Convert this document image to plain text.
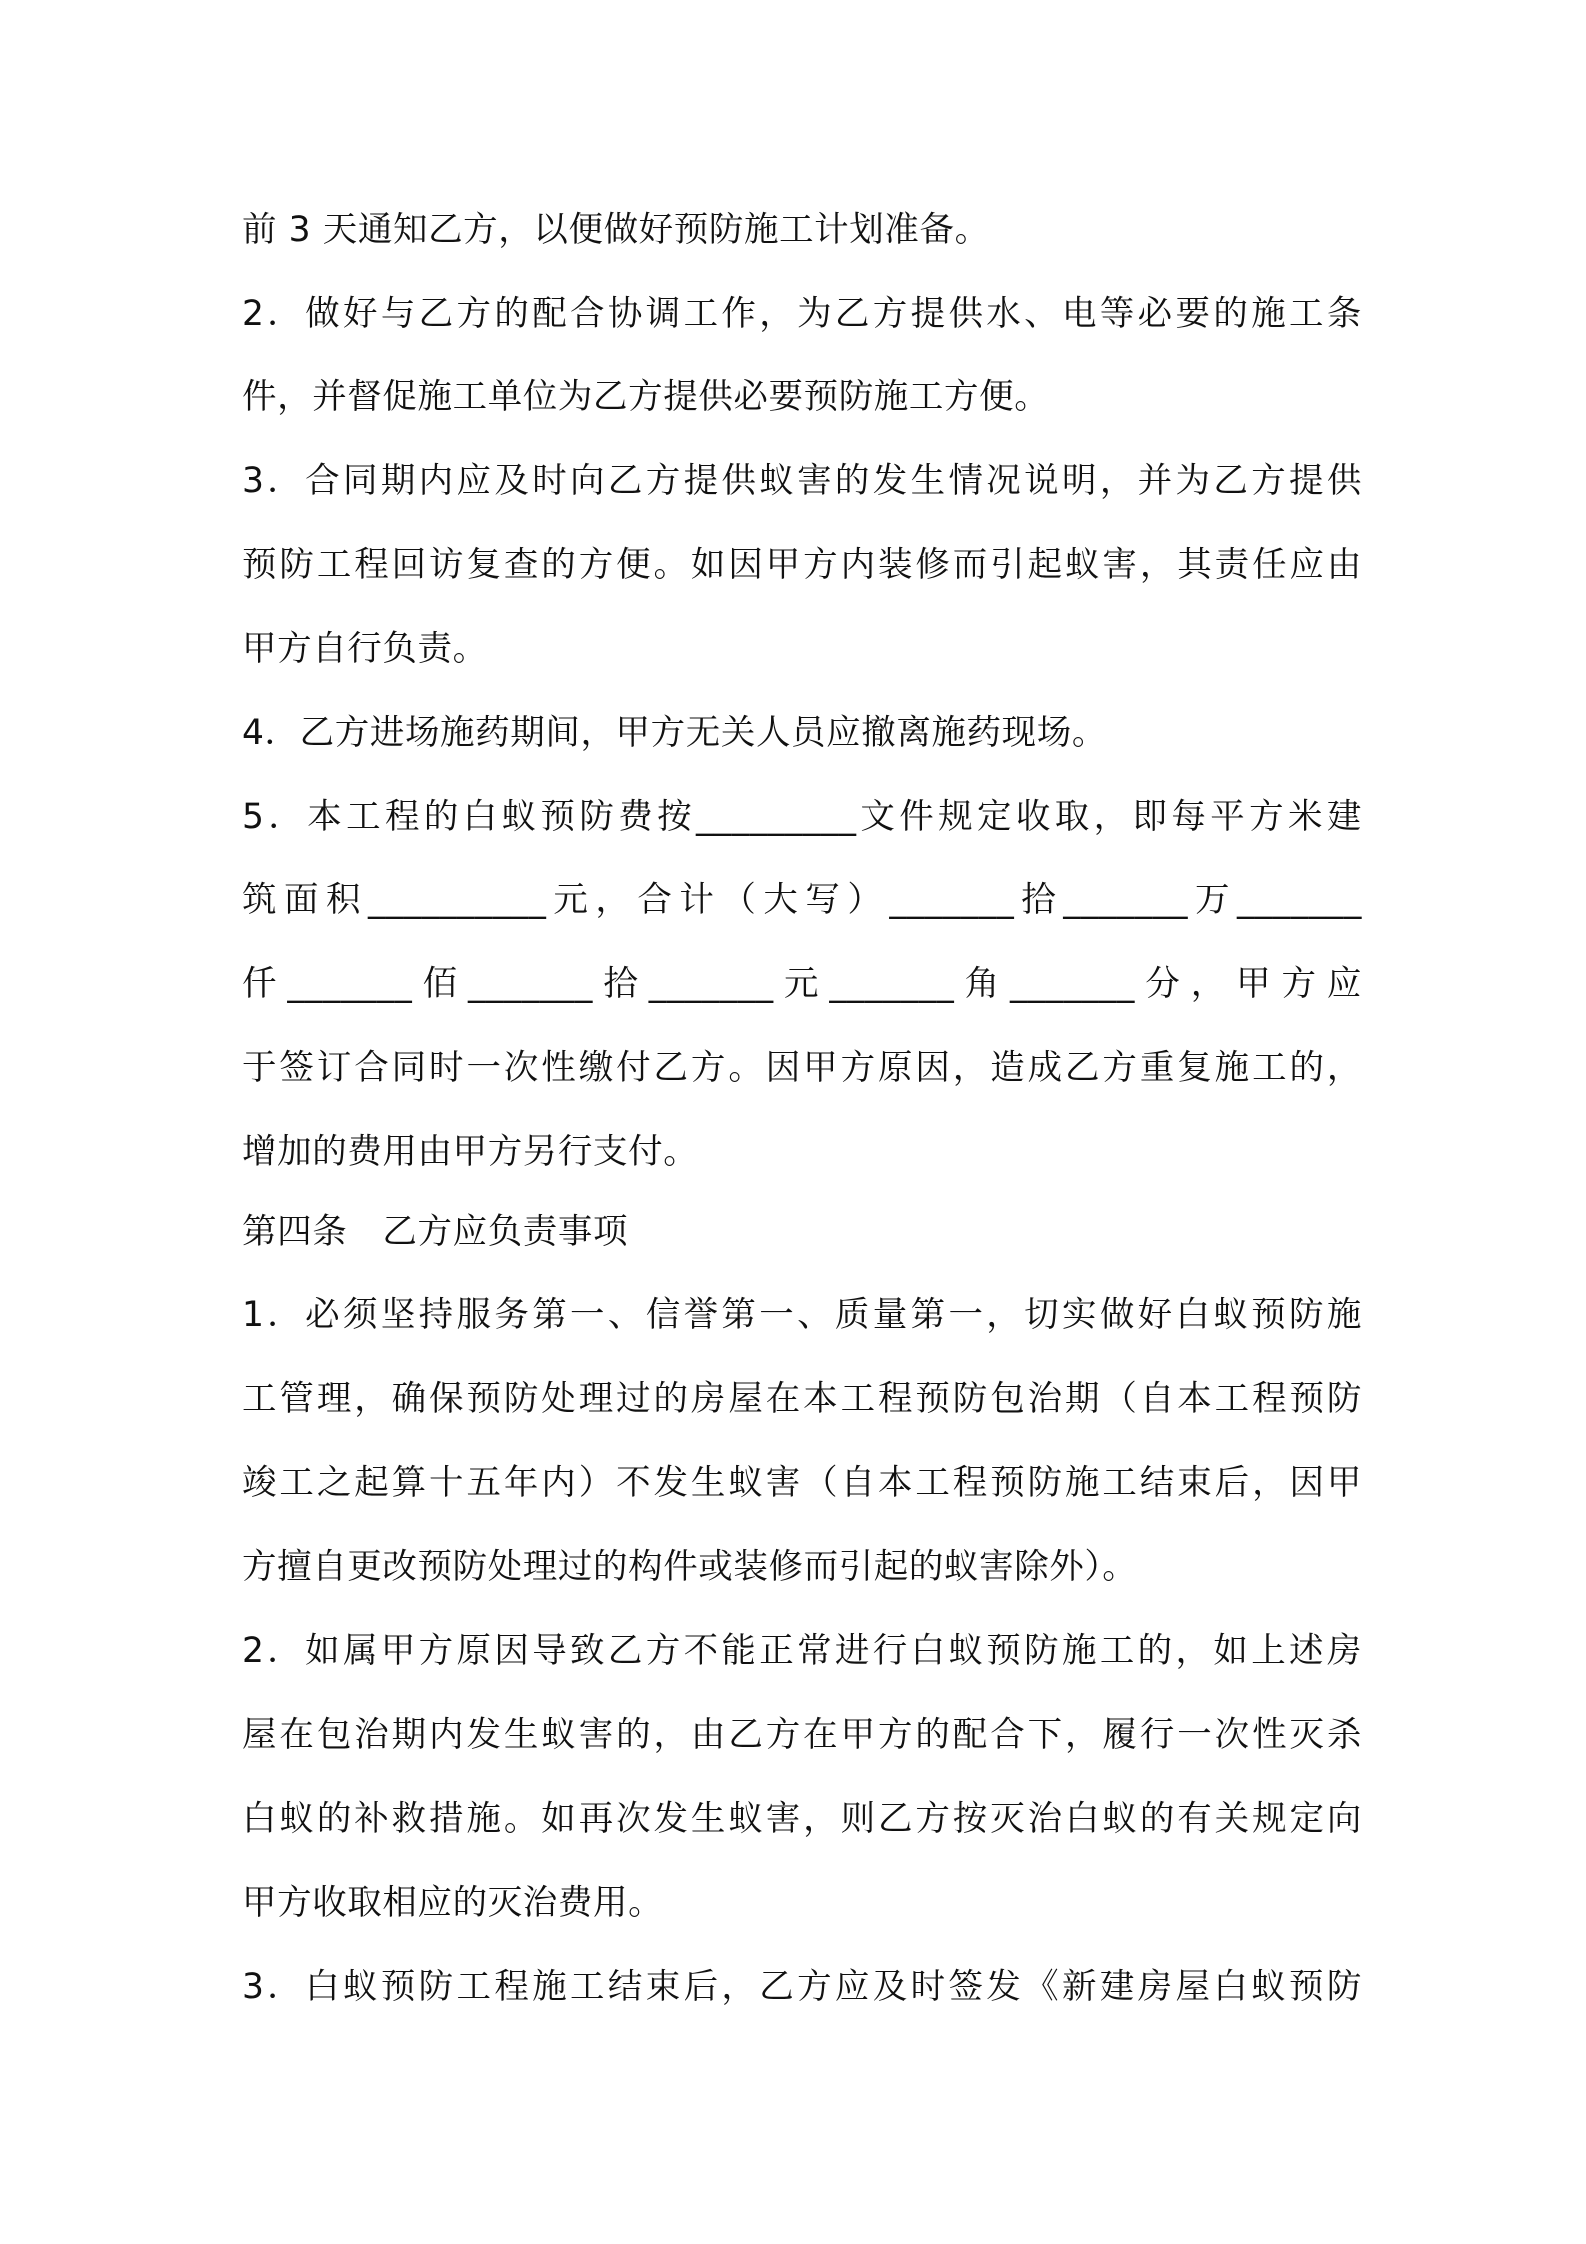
前 3 天通知乙方，以便做好预防施工计划准备。
2．做好与乙方的配合协调工作，为乙方提供水、电等必要的施工条
件，并督促施工单位为乙方提供必要预防施工方便。
3．合同期内应及时向乙方提供蚁害的发生情况说明，并为乙方提供
预防工程回访复查的方便。如因甲方内装修而引起蚁害，其责任应由
甲方自行负责。
4．乙方进场施药期间，甲方无关人员应撤离施药现场。
5．本工程的白蚁预防费按_________文件规定收取，即每平方米建
筑面积__________元，合计（大写）_______拾_______万_______
仟_______佰_______拾_______元_______角_______分，甲方应
于签订合同时一次性缴付乙方。因甲方原因，造成乙方重复施工的，
增加的费用由甲方另行支付。
第四条　乙方应负责事项
1．必须坚持服务第一、信誉第一、质量第一，切实做好白蚁预防施
工管理，确保预防处理过的房屋在本工程预防包治期（自本工程预防
竣工之起算十五年内）不发生蚁害（自本工程预防施工结束后，因甲
方擅自更改预防处理过的构件或装修而引起的蚁害除外）。
2．如属甲方原因导致乙方不能正常进行白蚁预防施工的，如上述房
屋在包治期内发生蚁害的，由乙方在甲方的配合下，履行一次性灭杀
白蚁的补救措施。如再次发生蚁害，则乙方按灭治白蚁的有关规定向
甲方收取相应的灭治费用。
3．白蚁预防工程施工结束后，乙方应及时签发《新建房屋白蚁预防
